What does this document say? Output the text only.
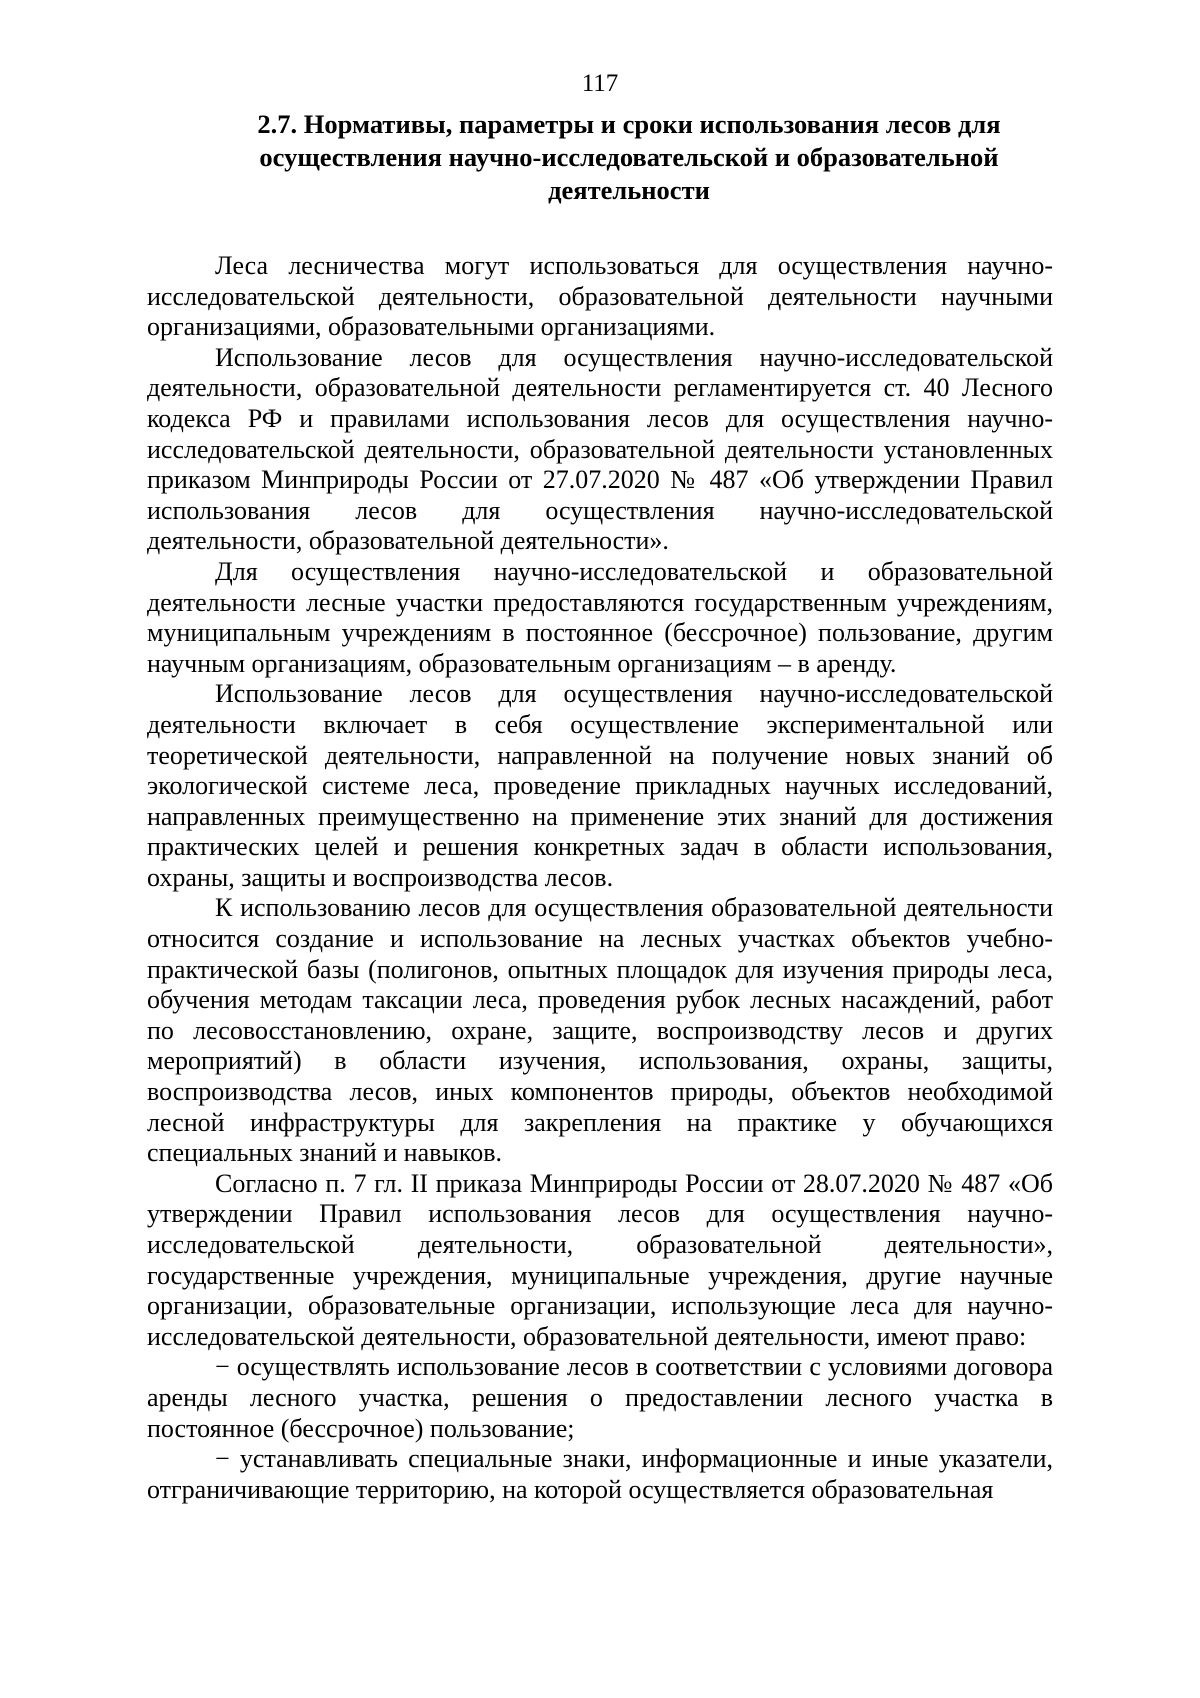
117
2.7. Нормативы, параметры и сроки использования лесов для осуществления научно-исследовательской и образовательной деятельности

Леса лесничества могут использоваться для осуществления научно-исследовательской деятельности, образовательной деятельности научными организациями, образовательными организациями.

Использование лесов для осуществления научно-исследовательской деятельности, образовательной деятельности регламентируется ст. 40 Лесного кодекса РФ и правилами использования лесов для осуществления научно-исследовательской деятельности, образовательной деятельности установленных приказом Минприроды России от 27.07.2020 № 487 «Об утверждении Правил использования лесов для осуществления научно-исследовательской деятельности, образовательной деятельности».

Для осуществления научно-исследовательской и образовательной деятельности лесные участки предоставляются государственным учреждениям, муниципальным учреждениям в постоянное (бессрочное) пользование, другим научным организациям, образовательным организациям – в аренду.

Использование лесов для осуществления научно-исследовательской деятельности включает в себя осуществление экспериментальной или теоретической деятельности, направленной на получение новых знаний об экологической системе леса, проведение прикладных научных исследований, направленных преимущественно на применение этих знаний для достижения практических целей и решения конкретных задач в области использования, охраны, защиты и воспроизводства лесов.

К использованию лесов для осуществления образовательной деятельности относится создание и использование на лесных участках объектов учебно-практической базы (полигонов, опытных площадок для изучения природы леса, обучения методам таксации леса, проведения рубок лесных насаждений, работ по лесовосстановлению, охране, защите, воспроизводству лесов и других мероприятий) в области изучения, использования, охраны, защиты, воспроизводства лесов, иных компонентов природы, объектов необходимой лесной инфраструктуры для закрепления на практике у обучающихся специальных знаний и навыков.

Согласно п. 7 гл. II приказа Минприроды России от 28.07.2020 № 487 «Об утверждении Правил использования лесов для осуществления научно-исследовательской деятельности, образовательной деятельности», государственные учреждения, муниципальные учреждения, другие научные организации, образовательные организации, использующие леса для научно-исследовательской деятельности, образовательной деятельности, имеют право:

− осуществлять использование лесов в соответствии с условиями договора аренды лесного участка, решения о предоставлении лесного участка в постоянное (бессрочное) пользование;

− устанавливать специальные знаки, информационные и иные указатели, отграничивающие территорию, на которой осуществляется образовательная
